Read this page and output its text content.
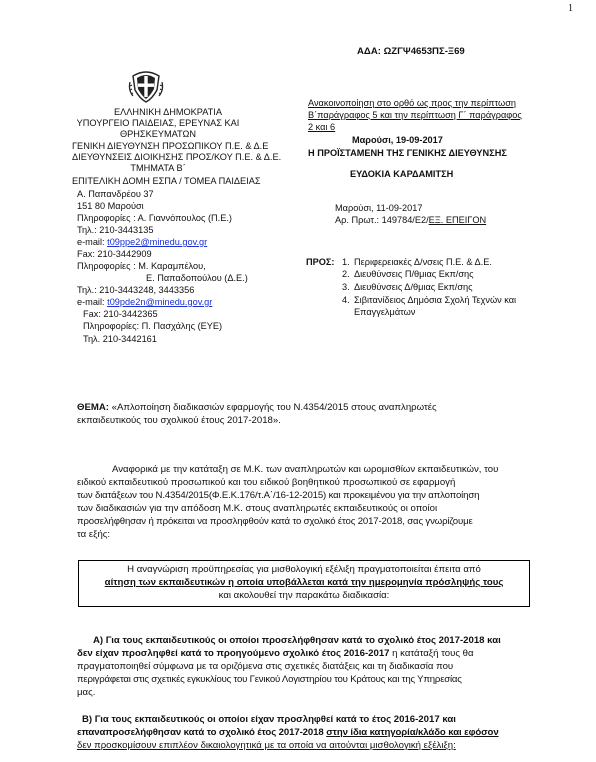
1
ΑΔΑ: ΩΖΓΨ4653ΠΣ-Ξ69
ΕΛΛΗΝΙΚΗ ΔΗΜΟΚΡΑΤΙΑ
ΥΠΟΥΡΓΕΙΟ ΠΑΙΔΕΙΑΣ, ΕΡΕΥΝΑΣ ΚΑΙ
ΘΡΗΣΚΕΥΜΑΤΩΝ
ΓΕΝΙΚΗ ΔΙΕΥΘΥΝΣΗ ΠΡΟΣΩΠΙΚΟΥ Π.Ε. & Δ.Ε
ΔΙΕΥΘΥΝΣΕΙΣ ΔΙΟΙΚΗΣΗΣ ΠΡΟΣ/ΚΟΥ Π.Ε. & Δ.Ε.
ΤΜΗΜΑΤΑ Β΄
ΕΠΙΤΕΛΙΚΗ ΔΟΜΗ ΕΣΠΑ / ΤΟΜΕΑ ΠΑΙΔΕΙΑΣ
Α. Παπανδρέου 37
151 80 Μαρούσι
Πληροφορίες : Α. Γιαννόπουλος (Π.Ε.)
Τηλ.: 210-3443135
e-mail: t09ppe2@minedu.gov.gr
Fax: 210-3442909
Πληροφορίες : Μ. Καραμπέλου,
Ε. Παπαδοπούλου (Δ.Ε.)
Τηλ.: 210-3443248, 3443356
e-mail: t09pde2n@minedu.gov.gr
Fax: 210-3442365
Πληροφορίες: Π. Πασχάλης (ΕΥΕ)
Τηλ. 210-3442161
Ανακοινοποίηση στο ορθό ως προς την περίπτωση
Β΄παράγραφος 5 και την περίπτωση Γ΄ παράγραφος
2 και 6
Μαρούσι, 19-09-2017
Η ΠΡΟΪΣΤΑΜΕΝΗ ΤΗΣ ΓΕΝΙΚΗΣ ΔΙΕΥΘΥΝΣΗΣ
ΕΥΔΟΚΙΑ ΚΑΡΔΑΜΙΤΣΗ
Μαρούσι, 11-09-2017
Αρ. Πρωτ.: 149784/Ε2/ΕΞ. ΕΠΕΙΓΟΝ
ΠΡΟΣ: 1. Περιφερειακές Δ/νσεις Π.Ε. & Δ.Ε.
2. Διευθύνσεις Π/θμιας Εκπ/σης
3. Διευθύνσεις Δ/θμιας Εκπ/σης
4. Σιβιτανίδειος Δημόσια Σχολή Τεχνών και
Επαγγελμάτων
ΘΕΜΑ: «Απλοποίηση διαδικασιών εφαρμογής του Ν.4354/2015 στους αναπληρωτές
εκπαιδευτικούς του σχολικού έτους 2017-2018».
Αναφορικά με την κατάταξη σε Μ.Κ. των αναπληρωτών και ωρομισθίων εκπαιδευτικών, του
ειδικού εκπαιδευτικού προσωπικού και του ειδικού βοηθητικού προσωπικού σε εφαρμογή
των διατάξεων του Ν.4354/2015(Φ.Ε.Κ.176/τ.Α΄/16-12-2015) και προκειμένου για την απλοποίηση
των διαδικασιών για την απόδοση Μ.Κ. στους αναπληρωτές εκπαιδευτικούς οι οποίοι
προσελήφθησαν ή πρόκειται να προσληφθούν κατά το σχολικό έτος 2017-2018, σας γνωρίζουμε
τα εξής:
Η αναγνώριση προϋπηρεσίας για μισθολογική εξέλιξη πραγματοποιείται έπειτα από
αίτηση των εκπαιδευτικών η οποία υποβάλλεται κατά την ημερομηνία πρόσληψής τους
και ακολουθεί την παρακάτω διαδικασία:
Α) Για τους εκπαιδευτικούς οι οποίοι προσελήφθησαν κατά το σχολικό έτος 2017-2018 και
δεν είχαν προσληφθεί κατά το προηγούμενο σχολικό έτος 2016-2017 η κατάταξή τους θα
πραγματοποιηθεί σύμφωνα με τα οριζόμενα στις σχετικές διατάξεις και τη διαδικασία που
περιγράφεται στις σχετικές εγκυκλίους του Γενικού Λογιστηρίου του Κράτους και της Υπηρεσίας
μας.
Β) Για τους εκπαιδευτικούς οι οποίοι είχαν προσληφθεί κατά το έτος 2016-2017 και
επαναπροσελήφθησαν κατά το σχολικό έτος 2017-2018 στην ίδια κατηγορία/κλάδο και εφόσον
δεν προσκομίσουν επιπλέον δικαιολογητικά με τα οποία να αιτούνται μισθολογική εξέλιξη:
